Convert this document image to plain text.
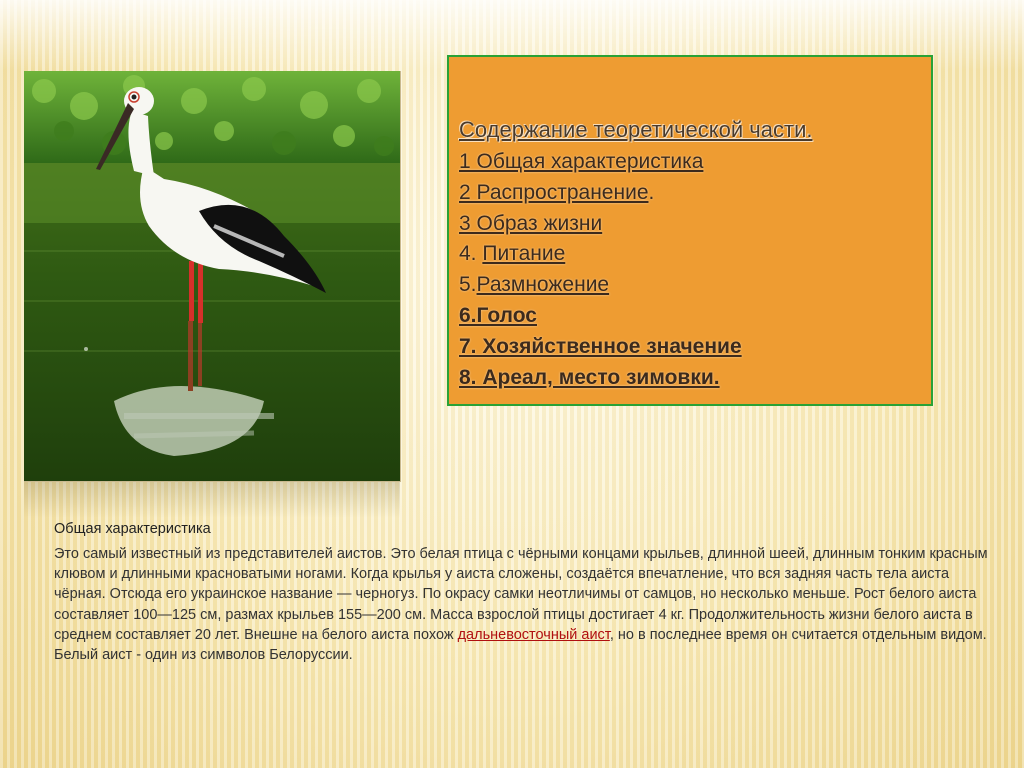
Содержание теоретической части.
1 Общая характеристика
2 Распространение.
3 Образ жизни
4. Питание
5.Размножение
6.Голос
7. Хозяйственное значение
8. Ареал, место зимовки.
Общая характеристика

Это самый известный из представителей аистов. Это белая птица с чёрными концами крыльев, длинной шеей, длинным тонким красным клювом и длинными красноватыми ногами. Когда крылья у аиста сложены, создаётся впечатление, что вся задняя часть тела аиста чёрная. Отсюда его украинское название — черногуз. По окрасу самки неотличимы от самцов, но несколько меньше. Рост белого аиста составляет 100—125 см, размах крыльев 155—200 см. Масса взрослой птицы достигает 4 кг. Продолжительность жизни белого аиста в среднем составляет 20 лет. Внешне на белого аиста похож дальневосточный аист, но в последнее время он считается отдельным видом. Белый аист - один из символов Белоруссии.
